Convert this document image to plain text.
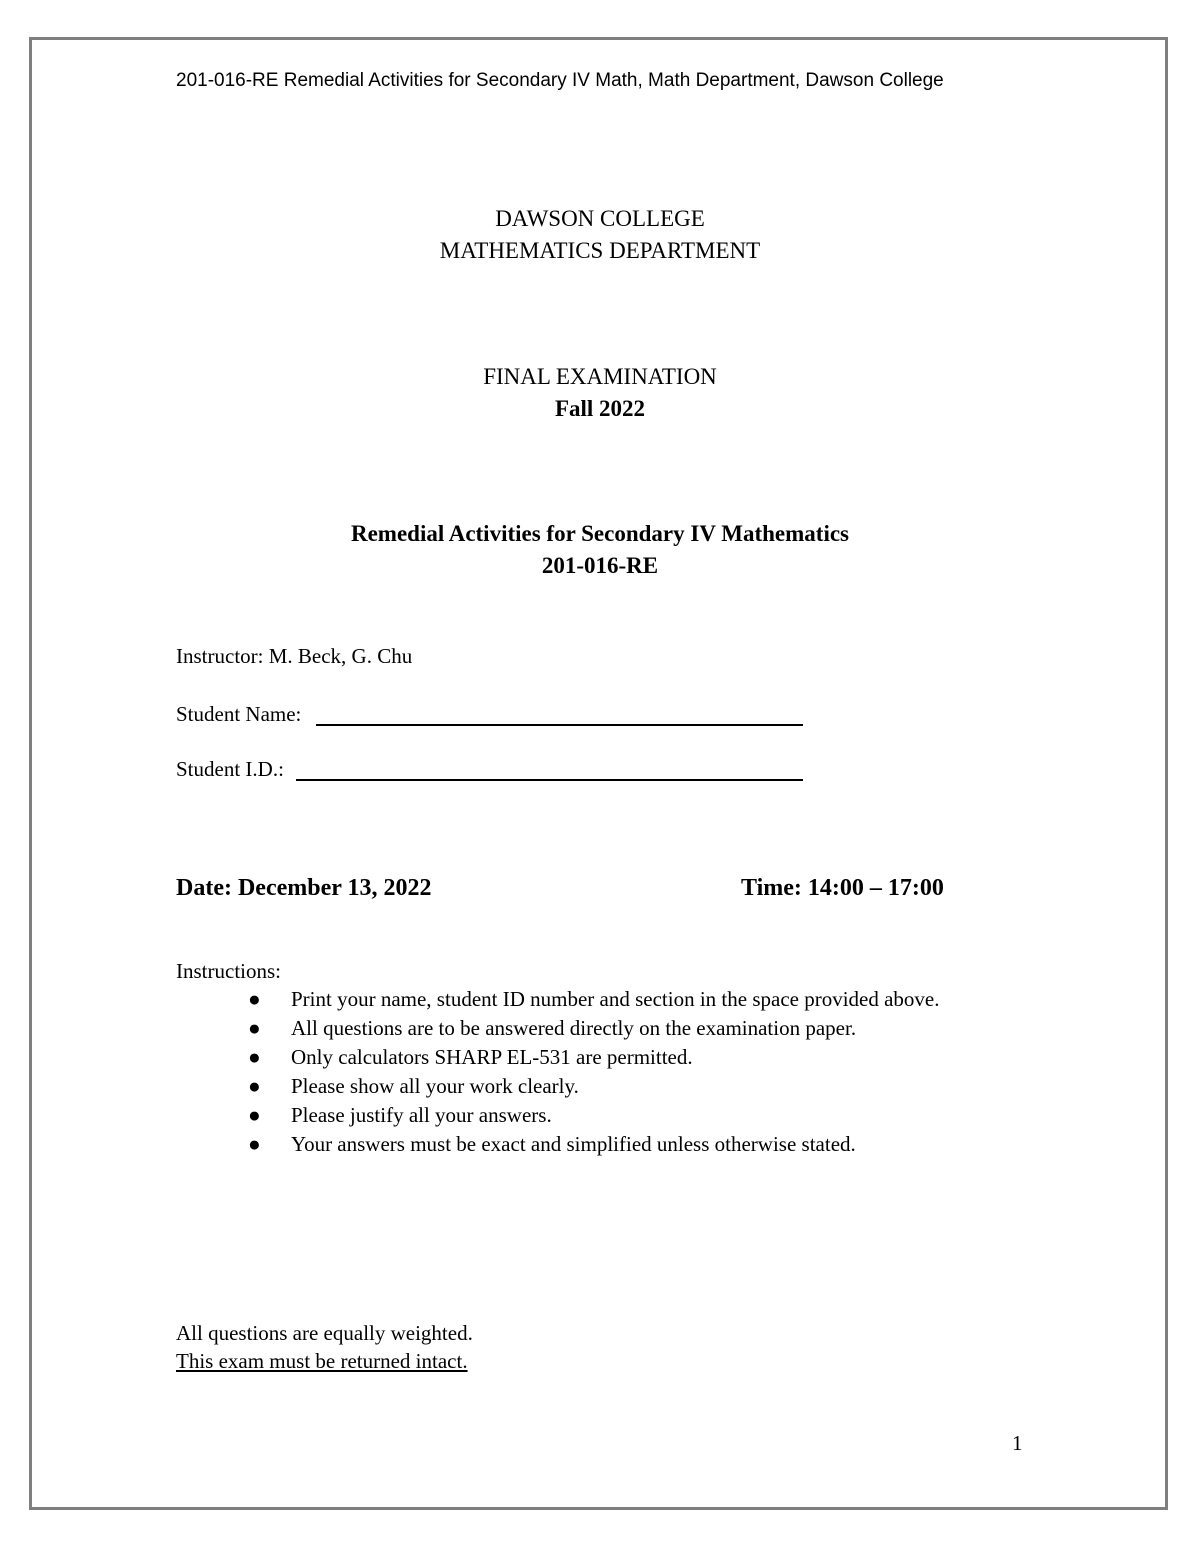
201-016-RE Remedial Activities for Secondary IV Math, Math Department, Dawson College
DAWSON COLLEGE
MATHEMATICS DEPARTMENT
FINAL EXAMINATION
Fall 2022
Remedial Activities for Secondary IV Mathematics
201-016-RE
Instructor: M. Beck, G. Chu
Student Name:
Student I.D.:
Date: December 13, 2022	Time: 14:00 – 17:00
Instructions:
● Print your name, student ID number and section in the space provided above.
● All questions are to be answered directly on the examination paper.
● Only calculators SHARP EL-531 are permitted.
● Please show all your work clearly.
● Please justify all your answers.
● Your answers must be exact and simplified unless otherwise stated.
All questions are equally weighted.
This exam must be returned intact.
1
